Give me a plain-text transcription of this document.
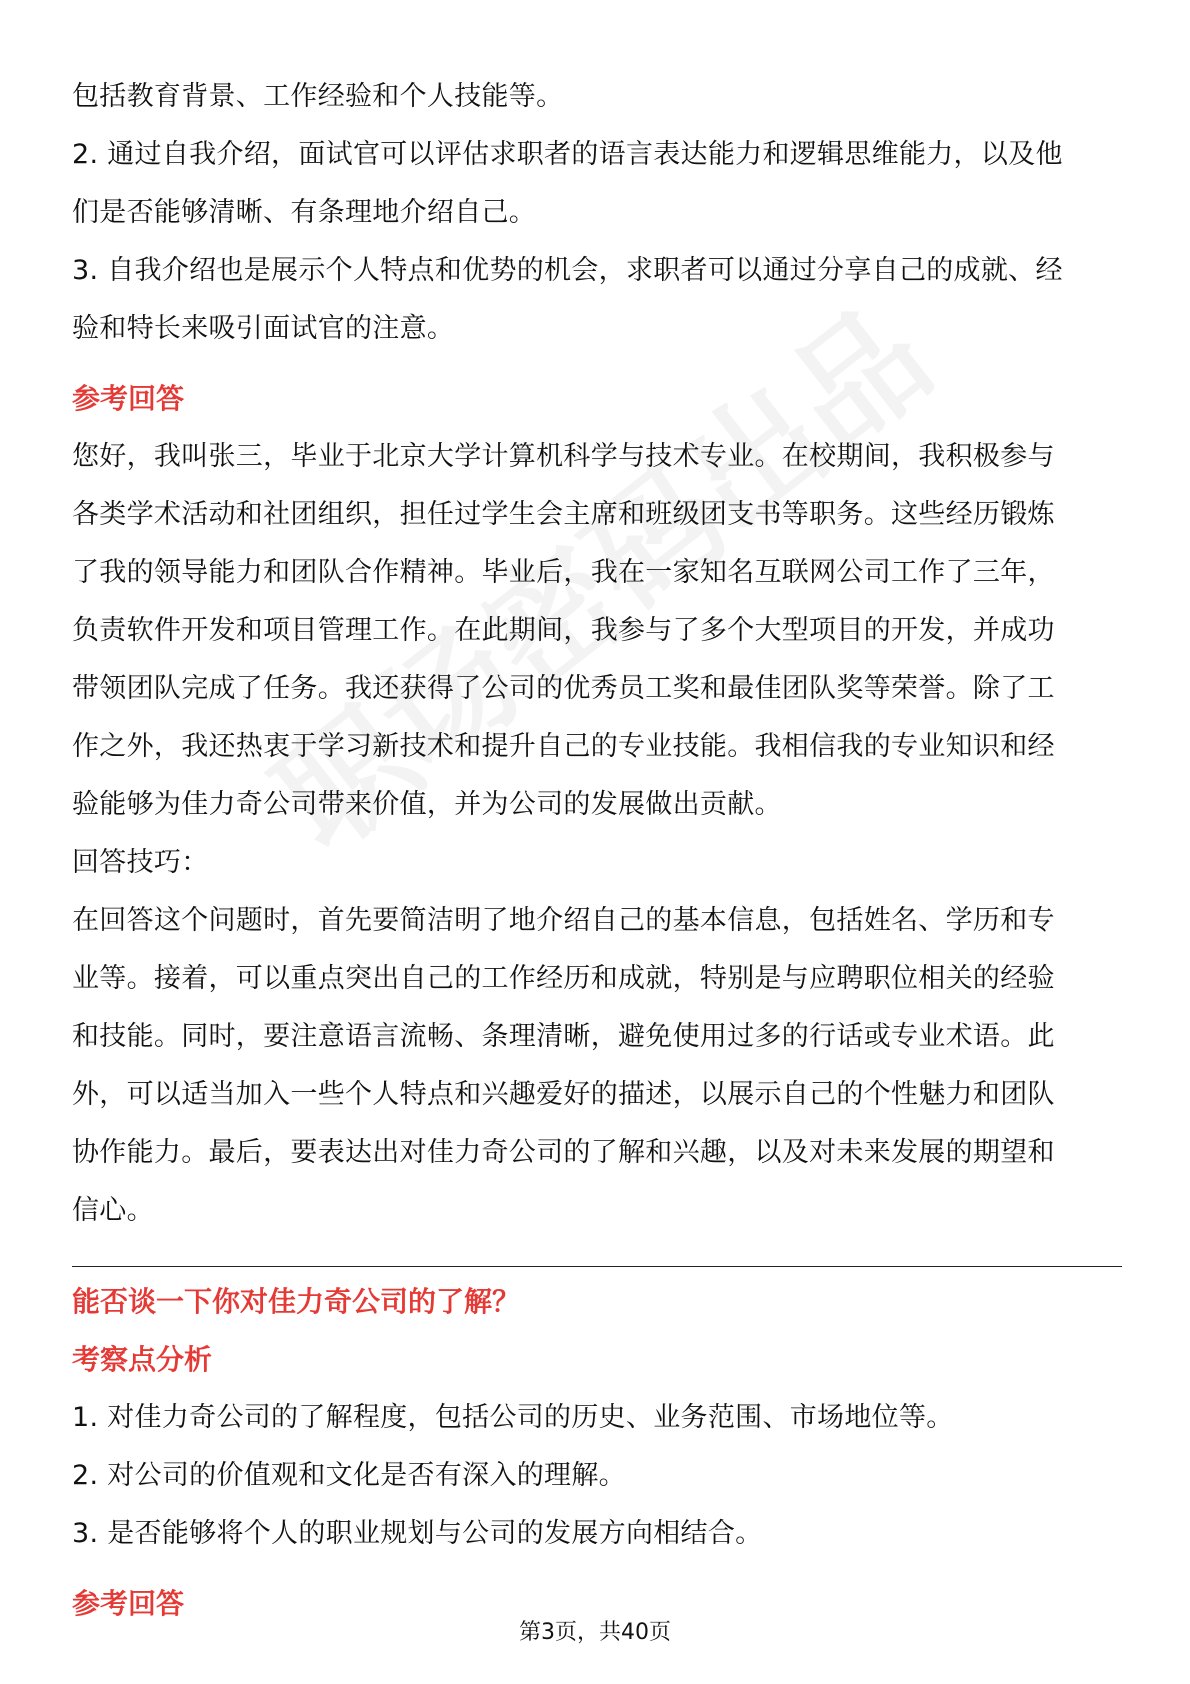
包括教育背景、工作经验和个人技能等。

2. 通过自我介绍，面试官可以评估求职者的语言表达能力和逻辑思维能力，以及他

们是否能够清晰、有条理地介绍自己。

3. 自我介绍也是展示个人特点和优势的机会，求职者可以通过分享自己的成就、经

验和特长来吸引面试官的注意。

参考回答

您好，我叫张三，毕业于北京大学计算机科学与技术专业。在校期间，我积极参与

各类学术活动和社团组织，担任过学生会主席和班级团支书等职务。这些经历锻炼

了我的领导能力和团队合作精神。毕业后，我在一家知名互联网公司工作了三年，

负责软件开发和项目管理工作。在此期间，我参与了多个大型项目的开发，并成功

带领团队完成了任务。我还获得了公司的优秀员工奖和最佳团队奖等荣誉。除了工

作之外，我还热衷于学习新技术和提升自己的专业技能。我相信我的专业知识和经

验能够为佳力奇公司带来价值，并为公司的发展做出贡献。

回答技巧：

在回答这个问题时，首先要简洁明了地介绍自己的基本信息，包括姓名、学历和专

业等。接着，可以重点突出自己的工作经历和成就，特别是与应聘职位相关的经验

和技能。同时，要注意语言流畅、条理清晰，避免使用过多的行话或专业术语。此

外，可以适当加入一些个人特点和兴趣爱好的描述，以展示自己的个性魅力和团队

协作能力。最后，要表达出对佳力奇公司的了解和兴趣，以及对未来发展的期望和

信心。

能否谈一下你对佳力奇公司的了解？

考察点分析

1. 对佳力奇公司的了解程度，包括公司的历史、业务范围、市场地位等。

2. 对公司的价值观和文化是否有深入的理解。

3. 是否能够将个人的职业规划与公司的发展方向相结合。

参考回答

第3页，共40页
